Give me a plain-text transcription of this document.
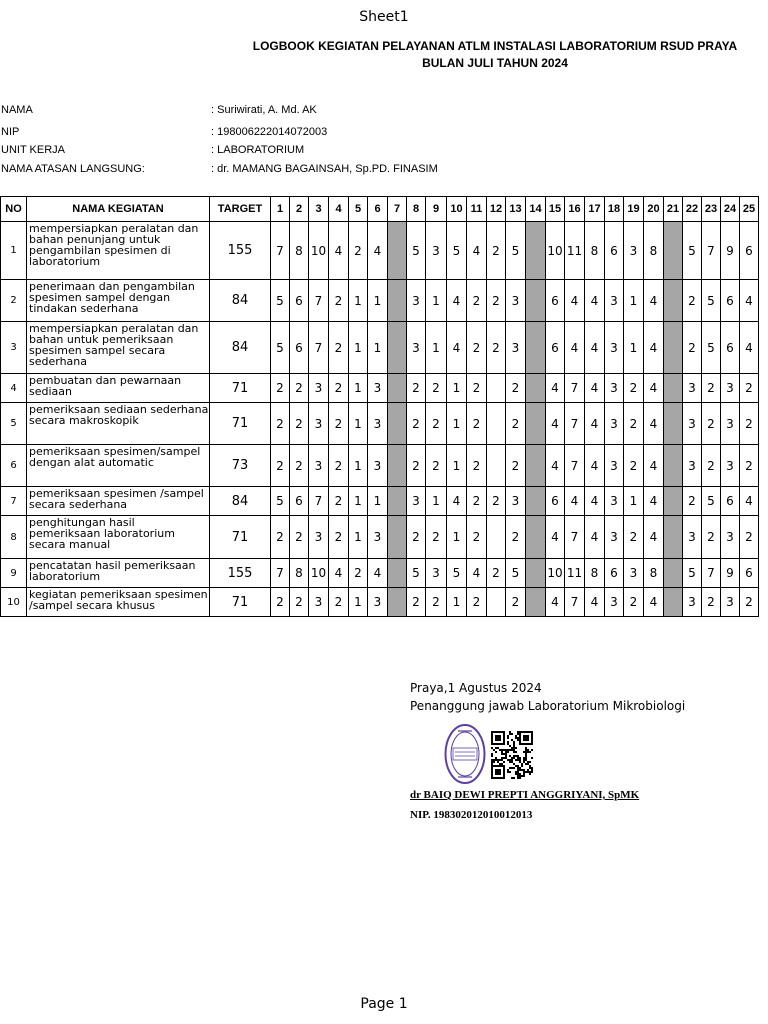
Sheet1
LOGBOOK KEGIATAN PELAYANAN ATLM INSTALASI LABORATORIUM RSUD PRAYA
BULAN JULI TAHUN 2024
NAMA	: Suriwirati, A. Md. AK
NIP	: 198006222014072003
UNIT KERJA	: LABORATORIUM
NAMA ATASAN LANGSUNG:	: dr. MAMANG BAGAINSAH, Sp.PD. FINASIM
NO	NAMA KEGIATAN	TARGET	1	2	3	4	5	6	7	8	9	10	11	12	13	14	15	16	17	18	19	20	21	22	23	24	25
1	mempersiapkan peralatan dan bahan penunjang untuk pengambilan spesimen di laboratorium	155	7	8	10	4	2	4		5	3	5	4	2	5		10	11	8	6	3	8		5	7	9	6
2	penerimaan dan pengambilan spesimen sampel dengan tindakan sederhana	84	5	6	7	2	1	1		3	1	4	2	2	3		6	4	4	3	1	4		2	5	6	4
3	mempersiapkan peralatan dan bahan untuk pemeriksaan spesimen sampel secara sederhana	84	5	6	7	2	1	1		3	1	4	2	2	3		6	4	4	3	1	4		2	5	6	4
4	pembuatan dan pewarnaan sediaan	71	2	2	3	2	1	3		2	2	1	2		2		4	7	4	3	2	4		3	2	3	2
5	pemeriksaan sediaan sederhana secara makroskopik	71	2	2	3	2	1	3		2	2	1	2		2		4	7	4	3	2	4		3	2	3	2
6	pemeriksaan spesimen/sampel dengan alat automatic	73	2	2	3	2	1	3		2	2	1	2		2		4	7	4	3	2	4		3	2	3	2
7	pemeriksaan spesimen /sampel secara sederhana	84	5	6	7	2	1	1		3	1	4	2	2	3		6	4	4	3	1	4		2	5	6	4
8	penghitungan hasil pemeriksaan laboratorium secara manual	71	2	2	3	2	1	3		2	2	1	2		2		4	7	4	3	2	4		3	2	3	2
9	pencatatan hasil pemeriksaan laboratorium	155	7	8	10	4	2	4		5	3	5	4	2	5		10	11	8	6	3	8		5	7	9	6
10	kegiatan pemeriksaan spesimen /sampel secara khusus	71	2	2	3	2	1	3		2	2	1	2		2		4	7	4	3	2	4		3	2	3	2
Praya,1 Agustus 2024
Penanggung jawab Laboratorium Mikrobiologi
dr BAIQ DEWI PREPTI ANGGRIYANI, SpMK
NIP. 198302012010012013
Page 1
